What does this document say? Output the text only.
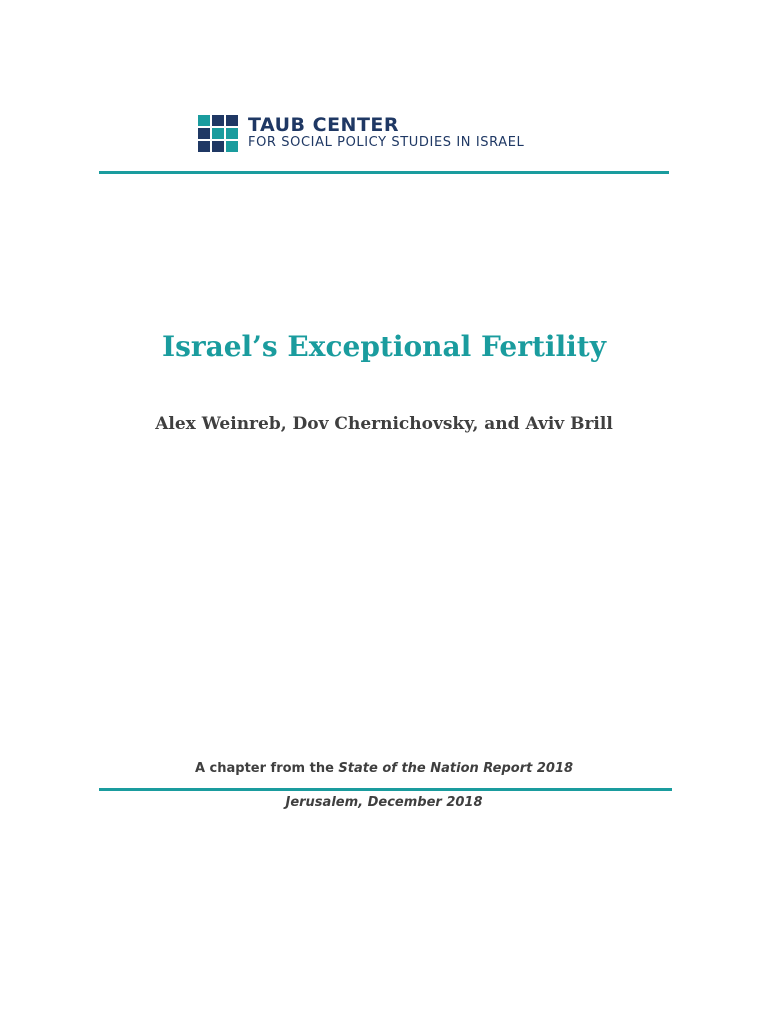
TAUB CENTER
FOR SOCIAL POLICY STUDIES IN ISRAEL
Israel’s Exceptional Fertility

Alex Weinreb, Dov Chernichovsky, and Aviv Brill

A chapter from the State of the Nation Report 2018

Jerusalem, December 2018
